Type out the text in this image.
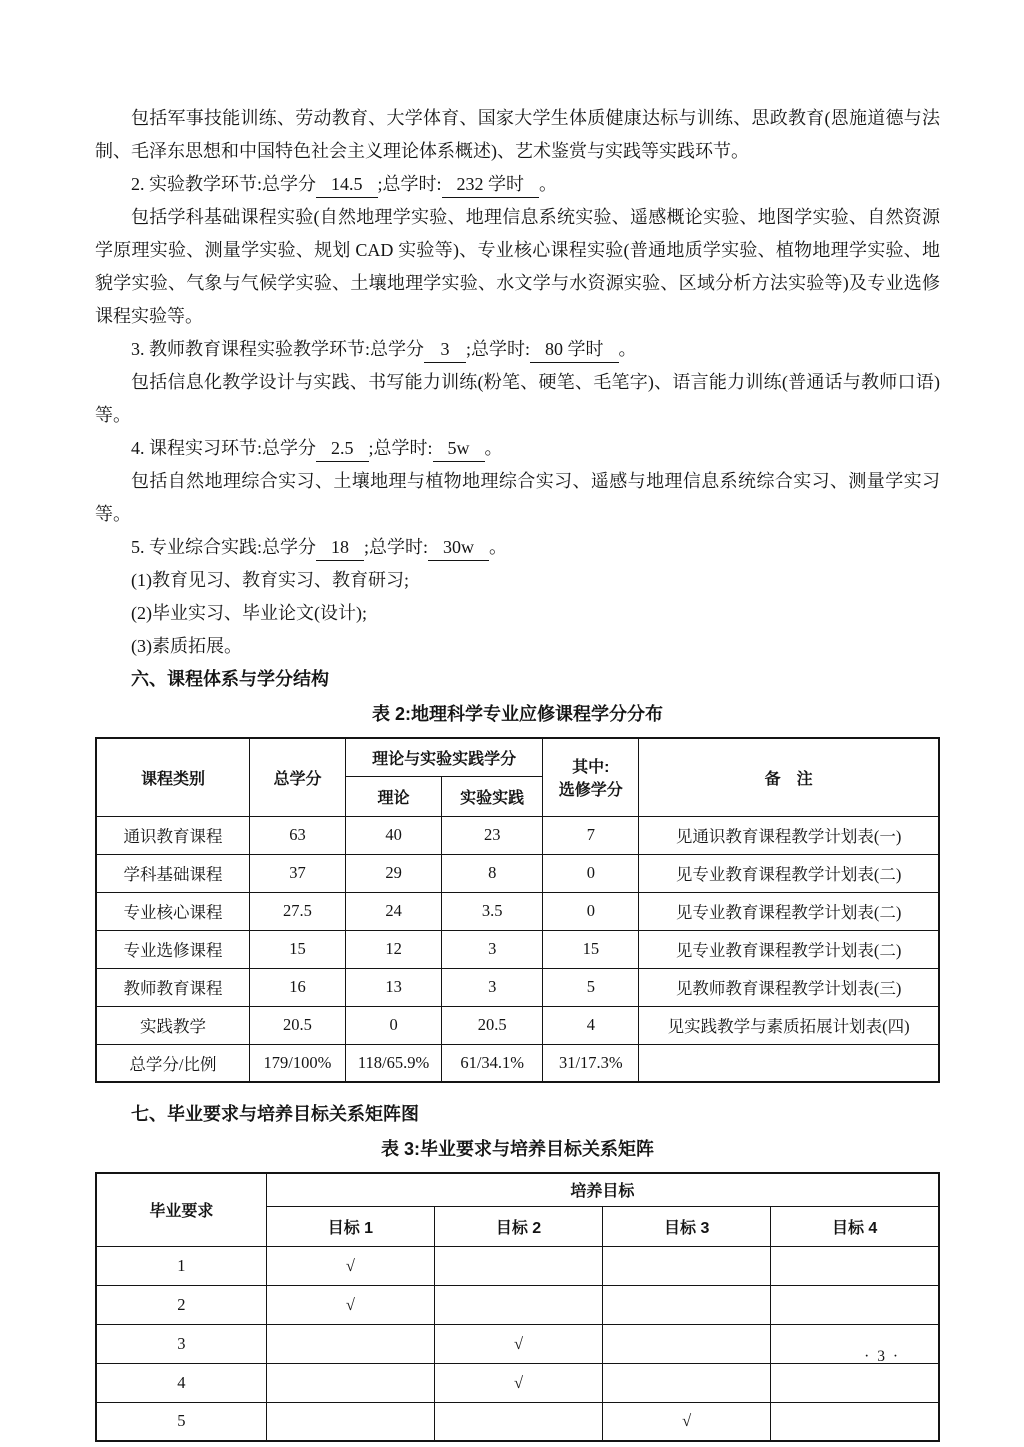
包括军事技能训练、劳动教育、大学体育、国家大学生体质健康达标与训练、思政教育(恩施道德与法制、毛泽东思想和中国特色社会主义理论体系概述)、艺术鉴赏与实践等实践环节。

2. 实验教学环节:总学分 14.5 ;总学时: 232 学时 。

包括学科基础课程实验(自然地理学实验、地理信息系统实验、遥感概论实验、地图学实验、自然资源学原理实验、测量学实验、规划 CAD 实验等)、专业核心课程实验(普通地质学实验、植物地理学实验、地貌学实验、气象与气候学实验、土壤地理学实验、水文学与水资源实验、区域分析方法实验等)及专业选修课程实验等。

3. 教师教育课程实验教学环节:总学分 3 ;总学时: 80 学时 。

包括信息化教学设计与实践、书写能力训练(粉笔、硬笔、毛笔字)、语言能力训练(普通话与教师口语)等。

4. 课程实习环节:总学分 2.5 ;总学时: 5w 。

包括自然地理综合实习、土壤地理与植物地理综合实习、遥感与地理信息系统综合实习、测量学实习等。

5. 专业综合实践:总学分 18 ;总学时: 30w 。

(1)教育见习、教育实习、教育研习;

(2)毕业实习、毕业论文(设计);

(3)素质拓展。

六、课程体系与学分结构
表 2:地理科学专业应修课程学分分布
课程类别	总学分	理论与实验实践学分		其中:
选修学分	备　注
		理论	实验实践		
通识教育课程	63	40	23	7	见通识教育课程教学计划表(一)
学科基础课程	37	29	8	0	见专业教育课程教学计划表(二)
专业核心课程	27.5	24	3.5	0	见专业教育课程教学计划表(二)
专业选修课程	15	12	3	15	见专业教育课程教学计划表(二)
教师教育课程	16	13	3	5	见教师教育课程教学计划表(三)
实践教学	20.5	0	20.5	4	见实践教学与素质拓展计划表(四)
总学分/比例	179/100%	118/65.9%	61/34.1%	31/17.3%	
七、毕业要求与培养目标关系矩阵图
表 3:毕业要求与培养目标关系矩阵
毕业要求	培养目标			
	目标 1	目标 2	目标 3	目标 4
1	√			
2	√			
3		√		
4		√		
5			√	
· 3 ·
